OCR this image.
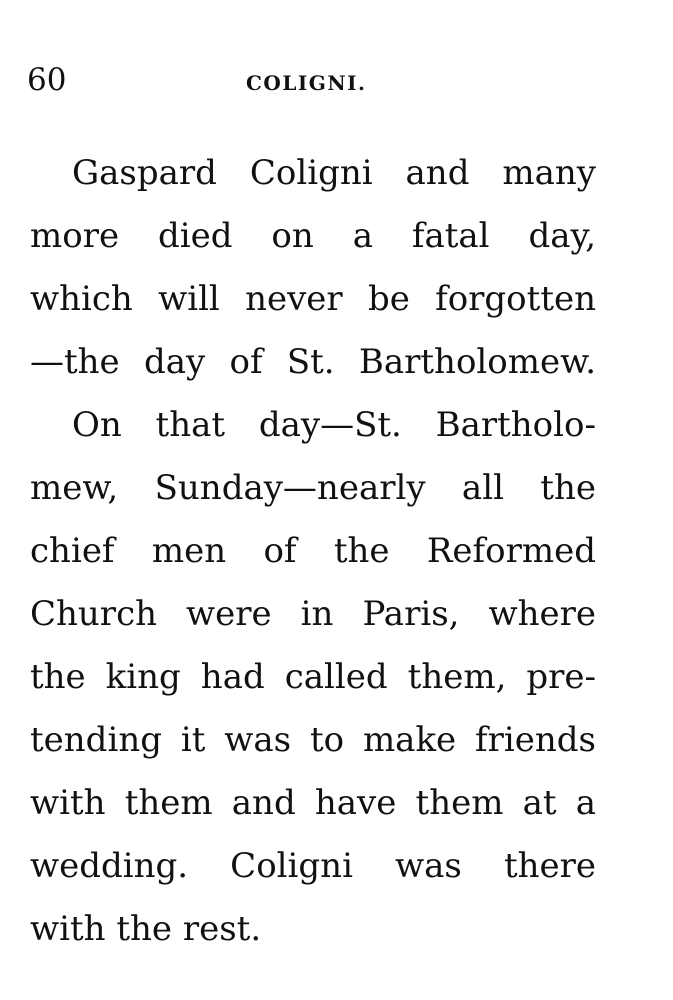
60	COLIGNI.
Gaspard Coligni and many
more died on a fatal day,
which will never be forgotten
—the day of St. Bartholomew.
On that day—St. Bartholo-
mew, Sunday—nearly all the
chief men of the Reformed
Church were in Paris, where
the king had called them, pre-
tending it was to make friends
with them and have them at a
wedding. Coligni was there
with the rest.
